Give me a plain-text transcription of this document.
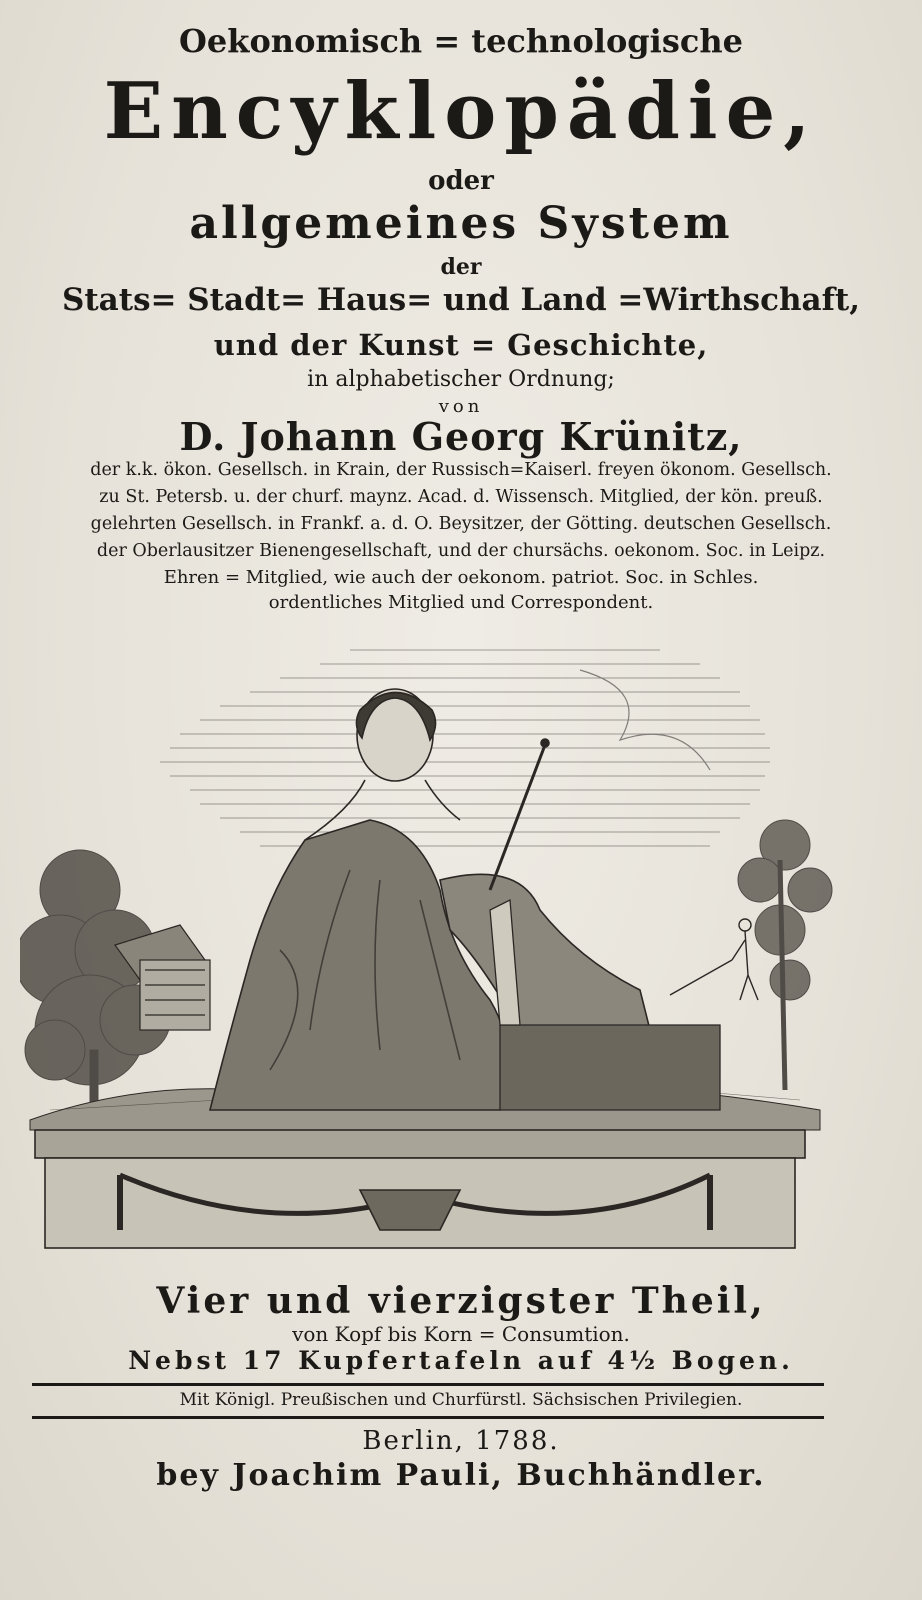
Oekonomisch = technologische
Encyklopädie,
oder
allgemeines System
der
Stats= Stadt= Haus= und Land =Wirthschaft,
und der Kunst = Geschichte,
in alphabetischer Ordnung;
von
D. Johann Georg Krünitz,
der k.k. ökon. Gesellsch. in Krain, der Russisch=Kaiserl. freyen ökonom. Gesellsch.
zu St. Petersb. u. der churf. maynz. Acad. d. Wissensch. Mitglied, der kön. preuß.
gelehrten Gesellsch. in Frankf. a. d. O. Beysitzer, der Götting. deutschen Gesellsch.
der Oberlausitzer Bienengesellschaft, und der chursächs. oekonom. Soc. in Leipz.
Ehren = Mitglied, wie auch der oekonom. patriot. Soc. in Schles.
ordentliches Mitglied und Correspondent.
Vier und vierzigster Theil,
von Kopf bis Korn = Consumtion.
Nebst 17 Kupfertafeln auf 4½ Bogen.
Mit Königl. Preußischen und Churfürstl. Sächsischen Privilegien.
Berlin, 1788.
bey Joachim Pauli, Buchhändler.
